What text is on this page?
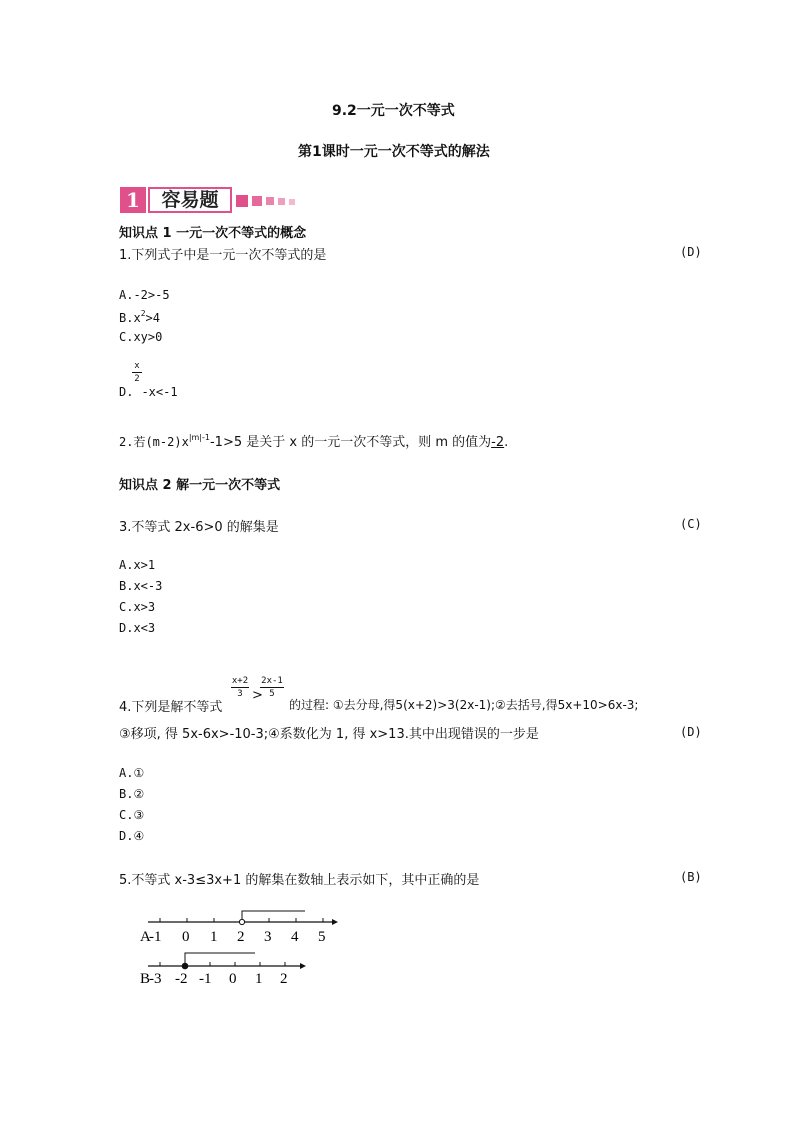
9.2一元一次不等式
第1课时一元一次不等式的解法
1	容易题
知识点 1 一元一次不等式的概念
1.下列式子中是一元一次不等式的是	(D)
A.-2>-5
$B.x^2>4$
C.xy>0
x
2
D. -x<-1
2.若$(m-2)x^{|m|-1}-1>5$ 是关于 x 的一元一次不等式，则 m 的值为-2.
知识点 2 解一元一次不等式
3.不等式 2x-6>0 的解集是	(C)
A.x>1
B.x<-3
C.x>3
D.x<3
4.下列是解不等式
x+2
3 >
2x-1
5
的过程: ①去分母,得5(x+2)>3(2x-1);②去括号,得5x+10>6x-3;
③移项, 得 5x-6x>-10-3;④系数化为 1, 得 x>13.其中出现错误的一步是	(D)
A.①
B.②
C.③
D.④
5.不等式 x-3≤3x+1 的解集在数轴上表示如下，其中正确的是	(B)
A
-1 0 1 2 3 4 5
B
-3 -2 -1 0 1 2
